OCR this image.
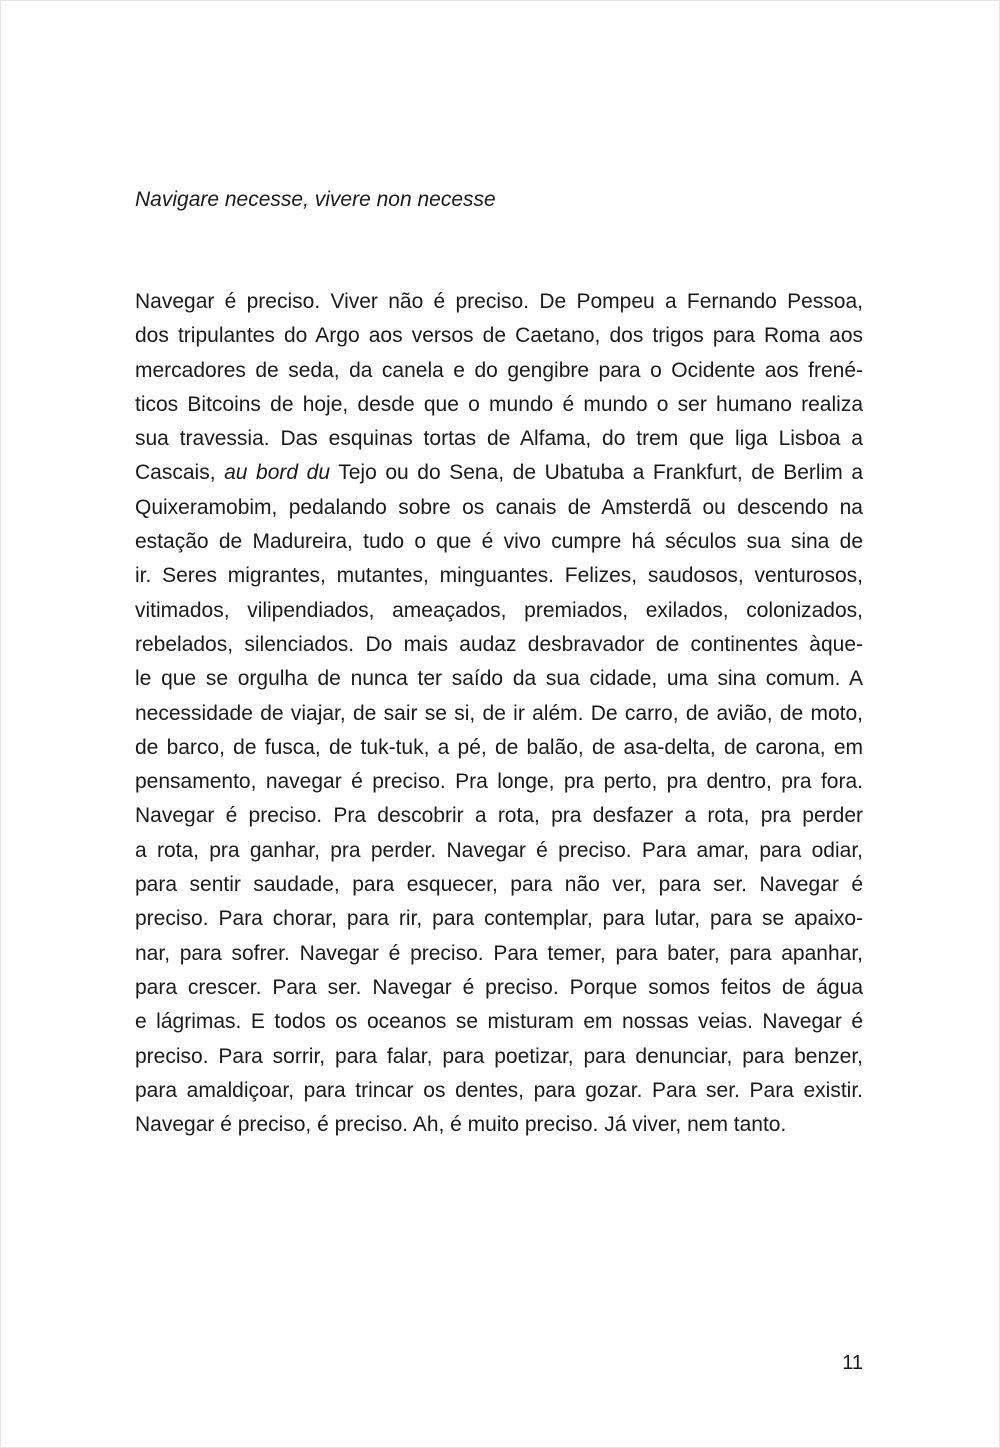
Navigare necesse, vivere non necesse
Navegar é preciso. Viver não é preciso. De Pompeu a Fernando Pessoa,
dos tripulantes do Argo aos versos de Caetano, dos trigos para Roma aos
mercadores de seda, da canela e do gengibre para o Ocidente aos frené-
ticos Bitcoins de hoje, desde que o mundo é mundo o ser humano realiza
sua travessia. Das esquinas tortas de Alfama, do trem que liga Lisboa a
Cascais, au bord du Tejo ou do Sena, de Ubatuba a Frankfurt, de Berlim a
Quixeramobim, pedalando sobre os canais de Amsterdã ou descendo na
estação de Madureira, tudo o que é vivo cumpre há séculos sua sina de
ir. Seres migrantes, mutantes, minguantes. Felizes, saudosos, venturosos,
vitimados, vilipendiados, ameaçados, premiados, exilados, colonizados,
rebelados, silenciados. Do mais audaz desbravador de continentes àque-
le que se orgulha de nunca ter saído da sua cidade, uma sina comum. A
necessidade de viajar, de sair se si, de ir além. De carro, de avião, de moto,
de barco, de fusca, de tuk-tuk, a pé, de balão, de asa-delta, de carona, em
pensamento, navegar é preciso. Pra longe, pra perto, pra dentro, pra fora.
Navegar é preciso. Pra descobrir a rota, pra desfazer a rota, pra perder
a rota, pra ganhar, pra perder. Navegar é preciso. Para amar, para odiar,
para sentir saudade, para esquecer, para não ver, para ser. Navegar é
preciso. Para chorar, para rir, para contemplar, para lutar, para se apaixo-
nar, para sofrer. Navegar é preciso. Para temer, para bater, para apanhar,
para crescer. Para ser. Navegar é preciso. Porque somos feitos de água
e lágrimas. E todos os oceanos se misturam em nossas veias. Navegar é
preciso. Para sorrir, para falar, para poetizar, para denunciar, para benzer,
para amaldiçoar, para trincar os dentes, para gozar. Para ser. Para existir.
Navegar é preciso, é preciso. Ah, é muito preciso. Já viver, nem tanto.
11
